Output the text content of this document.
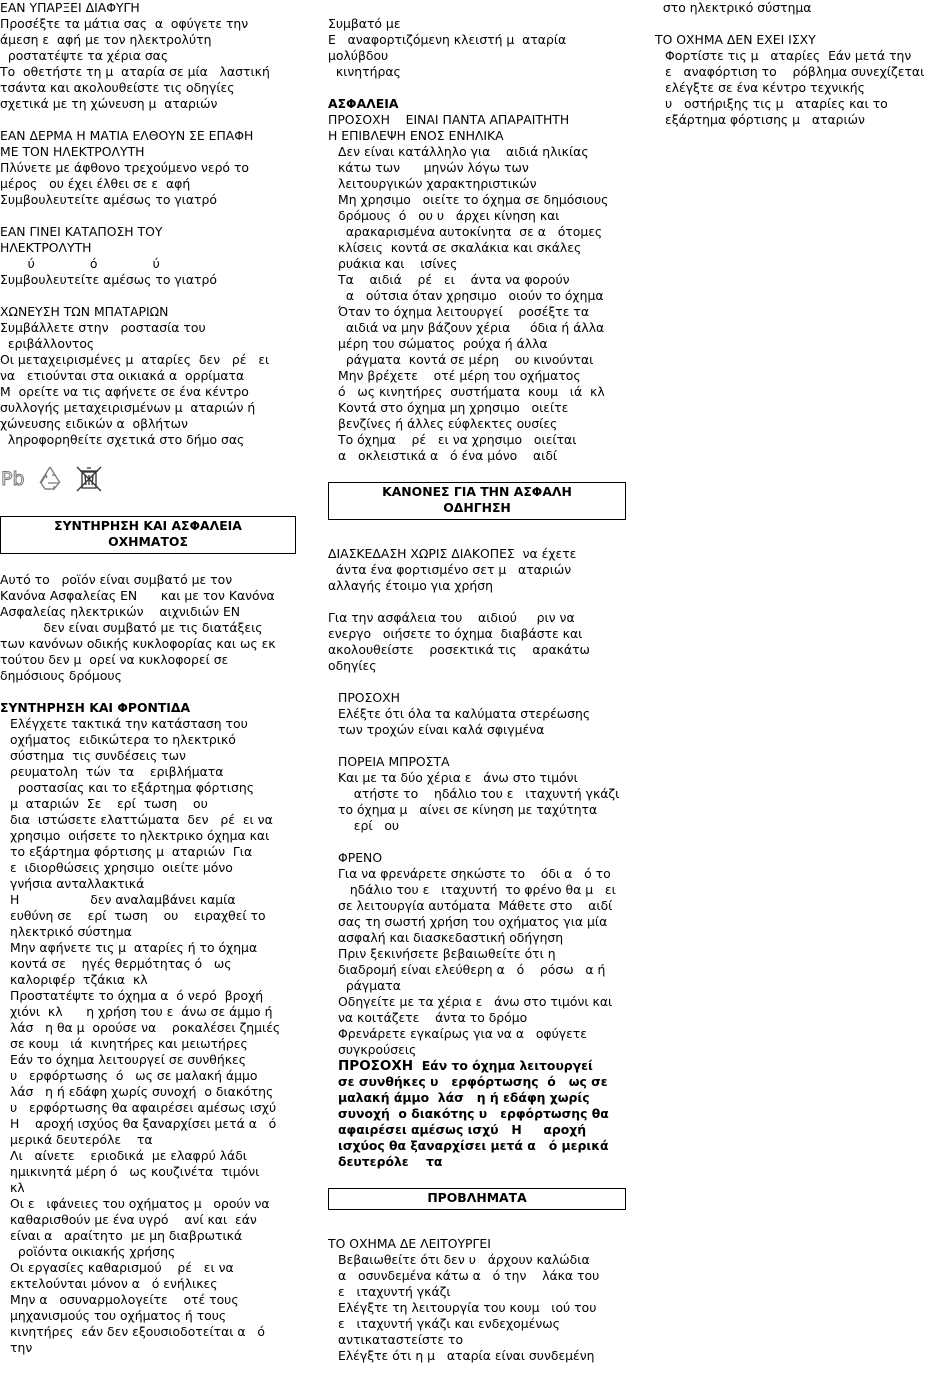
ΕΑΝ ΥΠΑΡΞΕΙ ΔΙΑΦΥΓΗ
Προσέξτε τα μάτια σας  α  οφύγετε την
άμεση ε  αφή με τον ηλεκτρολύτη
ροστατέψτε τα χέρια σας
Το  οθετήστε τη μ  αταρία σε μία   λαστική
τσάντα και ακολουθείστε τις οδηγίες
σχετικά με τη χώνευση μ  αταριών
ΕΑΝ ΔΕΡΜΑ Η ΜΑΤΙΑ ΕΛΘΟΥΝ ΣΕ ΕΠΑΦΗ
ΜΕ ΤΟΝ ΗΛΕΚΤΡΟΛΥΤΗ
Πλύνετε με άφθονο τρεχούμενο νερό το
μέρος   ου έχει έλθει σε ε  αφή
Συμβουλευτείτε αμέσως το γιατρό
ΕΑΝ ΓΙΝΕΙ ΚΑΤΑΠΟΣΗ ΤΟΥ
ΗΛΕΚΤΡΟΛΥΤΗ
ύ              ό              ύ
Συμβουλευτείτε αμέσως το γιατρό
ΧΩΝΕΥΣΗ ΤΩΝ ΜΠΑΤΑΡΙΩΝ
Συμβάλλετε στην   ροστασία του
εριβάλλοντος
Οι μεταχειρισμένες μ  αταρίες  δεν   ρέ   ει
να   ετιούνται στα οικιακά α  ορρίματα
Μ  ορείτε να τις αφήνετε σε ένα κέντρο
συλλογής μεταχειρισμένων μ  αταριών ή
χώνευσης ειδικών α  οβλήτων
ληροφορηθείτε σχετικά στο δήμο σας
Pb

ΣΥΝΤΗΡΗΣΗ ΚΑΙ ΑΣΦΑΛΕΙΑ
ΟΧΗΜΑΤΟΣ
Αυτό το   ροϊόν είναι συμβατό με τον
Κανόνα Ασφαλείας ΕΝ      και με τον Κανόνα
Ασφαλείας ηλεκτρικών    αιχνιδιών ΕΝ
δεν είναι συμβατό με τις διατάξεις
των κανόνων οδικής κυκλοφορίας και ως εκ
τούτου δεν μ  ορεί να κυκλοφορεί σε
δημόσιους δρόμους
ΣΥΝΤΗΡΗΣΗ ΚΑΙ ΦΡΟΝΤΙΔΑ
Ελέγχετε τακτικά την κατάσταση του
οχήματος  ειδικώτερα το ηλεκτρικό
σύστημα  τις συνδέσεις των
ρευματολη  τών  τα    εριβλήματα
ροστασίας και το εξάρτημα φόρτισης
μ  αταριών  Σε    ερί  τωση    ου
δια  ιστώσετε ελαττώματα  δεν   ρέ  ει να
χρησιμο  οιήσετε το ηλεκτρικο όχημα και
το εξάρτημα φόρτισης μ  αταριών  Για
ε  ιδιορθώσεις χρησιμο  οιείτε μόνο
γνήσια ανταλλακτικά
Η                  δεν αναλαμβάνει καμία
ευθύνη σε    ερί  τωση    ου    ειραχθεί το
ηλεκτρικό σύστημα
Μην αφήνετε τις μ  αταρίες ή το όχημα
κοντά σε    ηγές θερμότητας ό   ως
καλοριφέρ  τζάκια  κλ
Προστατέψτε το όχημα α  ό νερό  βροχή
χιόνι  κλ      η χρήση του ε  άνω σε άμμο ή
λάσ   η θα μ  ορούσε να    ροκαλέσει ζημιές
σε κουμ   ιά  κινητήρες και μειωτήρες
Εάν το όχημα λειτουργεί σε συνθήκες
υ   ερφόρτωσης  ό   ως σε μαλακή άμμο
λάσ   η ή εδάφη χωρίς συνοχή  ο διακότης
υ   ερφόρτωσης θα αφαιρέσει αμέσως ισχύ
Η    αροχή ισχύος θα ξαναρχίσει μετά α   ό
μερικά δευτερόλε    τα
Λι   αίνετε    εριοδικά  με ελαφρύ λάδι
ημικινητά μέρη ό   ως κουζινέτα  τιμόνι
κλ
Οι ε   ιφάνειες του οχήματος μ   ορούν να
καθαρισθούν με ένα υγρό    ανί και  εάν
είναι α   αραίτητο  με μη διαβρωτικά
ροϊόντα οικιακής χρήσης
Οι εργασίες καθαρισμού    ρέ   ει να
εκτελούνται μόνον α   ό ενήλικες
Μην α   οσυναρμολογείτε    οτέ τους
μηχανισμούς του οχήματος ή τους
κινητήρες  εάν δεν εξουσιοδοτείται α   ό
την
Συμβατό με
Ε   αναφορτιζόμενη κλειστή μ  αταρία
μολύβδου
κινητήρας
ΑΣΦΑΛΕΙΑ
ΠΡΟΣΟΧΗ    ΕΙΝΑΙ ΠΑΝΤΑ ΑΠΑΡΑΙΤΗΤΗ
Η ΕΠΙΒΛΕΨΗ ΕΝΟΣ ΕΝΗΛΙΚΑ
Δεν είναι κατάλληλο για    αιδιά ηλικίας
κάτω των      μηνών λόγω των
λειτουργικών χαρακτηριστικών
Μη χρησιμο   οιείτε το όχημα σε δημόσιους
δρόμους  ό   ου υ   άρχει κίνηση και
αρακαρισμένα αυτοκίνητα  σε α   ότομες
κλίσεις  κοντά σε σκαλάκια και σκάλες
ρυάκια και    ισίνες
Τα    αιδιά    ρέ   ει    άντα να φορούν
α   ούτσια όταν χρησιμο   οιούν το όχημα
Όταν το όχημα λειτουργεί    ροσέξτε τα
αιδιά να μην βάζουν χέρια     όδια ή άλλα
μέρη του σώματος  ρούχα ή άλλα
ράγματα  κοντά σε μέρη    ου κινούνται
Μην βρέχετε    οτέ μέρη του οχήματος
ό   ως κινητήρες  συστήματα  κουμ   ιά  κλ
Κοντά στο όχημα μη χρησιμο   οιείτε
βενζίνες ή άλλες εύφλεκτες ουσίες
Το όχημα    ρέ   ει να χρησιμο   οιείται
α   οκλειστικά α   ό ένα μόνο    αιδί
ΚΑΝΟΝΕΣ ΓΙΑ ΤΗΝ ΑΣΦΑΛΗ
ΟΔΗΓΗΣΗ
ΔΙΑΣΚΕΔΑΣΗ ΧΩΡΙΣ ΔΙΑΚΟΠΕΣ  να έχετε
άντα ένα φορτισμένο σετ μ   αταριών
αλλαγής έτοιμο για χρήση
Για την ασφάλεια του    αιδιού     ριν να
ενεργο   οιήσετε το όχημα  διαβάστε και
ακολουθείστε    ροσεκτικά τις    αρακάτω
οδηγίες
ΠΡΟΣΟΧΗ
Ελέξτε ότι όλα τα καλύματα στερέωσης
των τροχών είναι καλά σφιγμένα
ΠΟΡΕΙΑ ΜΠΡΟΣΤΑ
Και με τα δύο χέρια ε   άνω στο τιμόνι
ατήστε το    ηδάλιο του ε   ιταχυντή γκάζι
το όχημα μ   αίνει σε κίνηση με ταχύτητα
ερί   ου
ΦΡΕΝΟ
Για να φρενάρετε σηκώστε το    όδι α   ό το
ηδάλιο του ε   ιταχυντή  το φρένο θα μ   ει
σε λειτουργία αυτόματα  Μάθετε στο    αιδί
σας τη σωστή χρήση του οχήματος για μία
ασφαλή και διασκεδαστική οδήγηση
Πριν ξεκινήσετε βεβαιωθείτε ότι η
διαδρομή είναι ελεύθερη α   ό    ρόσω   α ή
ράγματα
Οδηγείτε με τα χέρια ε   άνω στο τιμόνι και
να κοιτάζετε    άντα το δρόμο
Φρενάρετε εγκαίρως για να α   οφύγετε
συγκρούσεις
ΠΡΟΣΟΧΗ Εάν το όχημα λειτουργεί
σε συνθήκες υ   ερφόρτωσης  ό   ως σε
μαλακή άμμο  λάσ   η ή εδάφη χωρίς
συνοχή  ο διακότης υ   ερφόρτωσης θα
αφαιρέσει αμέσως ισχύ   Η     αροχή
ισχύος θα ξαναρχίσει μετά α   ό μερικά
δευτερόλε    τα
ΠΡΟΒΛΗΜΑΤΑ
ΤΟ ΟΧΗΜΑ ΔΕ ΛΕΙΤΟΥΡΓΕΙ
Βεβαιωθείτε ότι δεν υ   άρχουν καλώδια
α   οσυνδεμένα κάτω α   ό την    λάκα του
ε   ιταχυντή γκάζι
Ελέγξτε τη λειτουργία του κουμ   ιού του
ε   ιταχυντή γκάζι και ενδεχομένως
αντικαταστείστε το
Ελέγξτε ότι η μ   αταρία είναι συνδεμένη
στο ηλεκτρικό σύστημα
ΤΟ ΟΧΗΜΑ ΔΕΝ ΕΧΕΙ ΙΣΧΥ
Φορτίστε τις μ   αταρίες  Εάν μετά την
ε   αναφόρτιση το    ρόβλημα συνεχίζεται
ελέγξτε σε ένα κέντρο τεχνικής
υ   οστήριξης τις μ   αταρίες και το
εξάρτημα φόρτισης μ   αταριών
